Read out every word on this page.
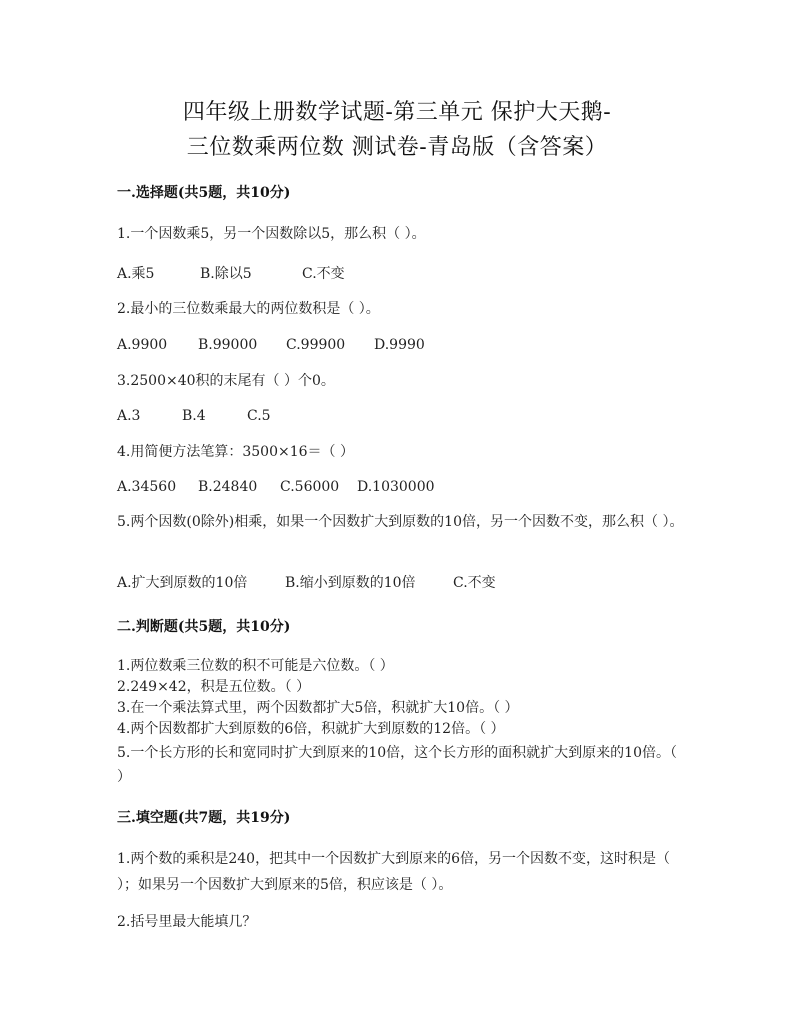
四年级上册数学试题-第三单元 保护大天鹅-
三位数乘两位数 测试卷-青岛版（含答案）
一.选择题(共5题，共10分)
1.一个因数乘5，另一个因数除以5，那么积（ ）。
A.乘5	B.除以5	C.不变
2.最小的三位数乘最大的两位数积是（ ）。
A.9900 B.99000 C.99900 D.9990
3.2500×40积的末尾有（ ）个0。
A.3	B.4	C.5
4.用简便方法笔算：3500×16＝（ ）
A.34560 B.24840 C.56000 D.1030000
5.两个因数(0除外)相乘，如果一个因数扩大到原数的10倍，另一个因数不变，那么积（ ）。
A.扩大到原数的10倍	B.缩小到原数的10倍	C.不变
二.判断题(共5题，共10分)
1.两位数乘三位数的积不可能是六位数。（ ）
2.249×42，积是五位数。（ ）
3.在一个乘法算式里，两个因数都扩大5倍，积就扩大10倍。（ ）
4.两个因数都扩大到原数的6倍，积就扩大到原数的12倍。（ ）
5.一个长方形的长和宽同时扩大到原来的10倍，这个长方形的面积就扩大到原来的10倍。（ ）
三.填空题(共7题，共19分)
1.两个数的乘积是240，把其中一个因数扩大到原来的6倍，另一个因数不变，这时积是（ ）；如果另一个因数扩大到原来的5倍，积应该是（ ）。
2.括号里最大能填几？
